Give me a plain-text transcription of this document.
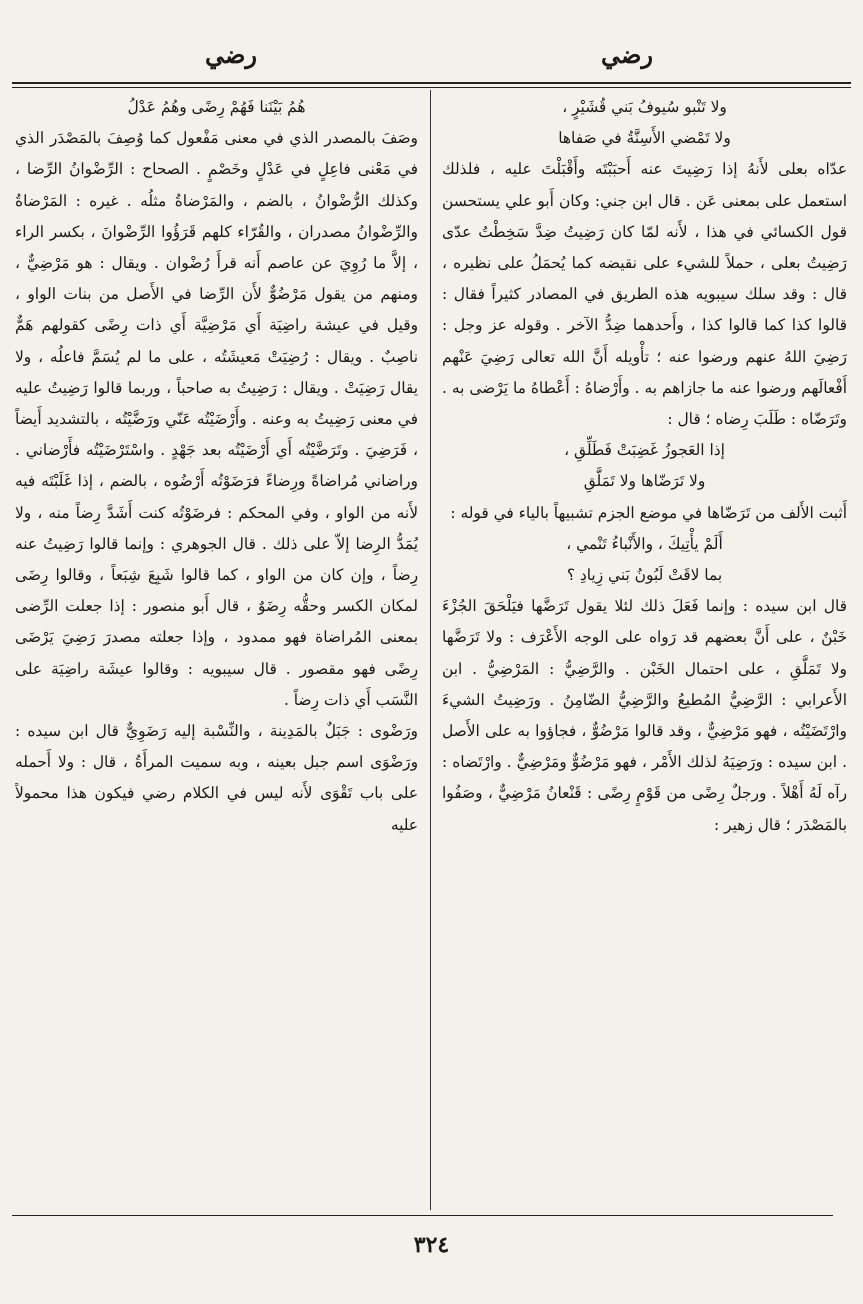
رضي
رضي

ولا تَنْبو سُيوفُ بَني قُشَيْرٍ ،

ولا تَمْضي الأَسِنَّةُ في صَفاها

عدّاه بعلى لأَنهُ إذا رَضِيتَ عنه أَحبَبْتَه وأَقْبَلْتَ عليه ، فلذلك استعمل على بمعنى عَن . قال ابن جني: وكان أَبو علي يستحسن قول الكسائي في هذا ، لأَنه لمّا كان رَضِيتُ ضِدَّ سَخِطْتُ عدّى رَضِيتُ بعلى ، حملاً للشيء على نقيضه كما يُحمَلُ على نظيره ، قال : وقد سلك سيبويه هذه الطريق في المصادر كثيراً فقال : قالوا كذا كما قالوا كذا ، وأَحدهما ضِدُّ الآخر . وقوله عز وجل : رَضِيَ اللهُ عنهم ورضوا عنه ؛ تأْويله أَنَّ الله تعالى رَضِيَ عَنْهم أَفْعالَهم ورضوا عنه ما جازاهم به . وأَرْضاهُ : أَعْطاهُ ما يَرْضى به . وتَرَضّاه : طَلَبَ رِضاه ؛ قال :

إذا العَجوزُ غَضِبَتْ فَطَلِّقِ ،

ولا تَرَضّاها ولا تَمَلَّقِ

أَثبت الأَلف من تَرَضّاها في موضع الجزم تشبيهاً بالياء في قوله :

أَلَمْ يأْتِيكَ ، والأَنْباءُ تَنْمي ،

بما لاقَتْ لَبُونُ بَني زِيادِ ؟

قال ابن سيده : وإنما فَعَلَ ذلك لئلا يقول تَرَضَّها فيَلْحَقَ الجُزْءَ خَبْنٌ ، على أَنَّ بعضهم قد رَواه على الوجه الأَعْرَف : ولا تَرَضَّها ولا تَمَلَّقِ ، على احتمال الخَبْن . والرَّضِيُّ : المَرْضِيُّ . ابن الأَعرابي : الرَّضِيُّ المُطيعُ والرَّضِيُّ الضّامِنُ . ورَضِيتُ الشيءَ وارْتَضَيْتُه ، فهو مَرْضِيٌّ ، وقد قالوا مَرْضُوٌّ ، فجاؤوا به على الأَصل . ابن سيده : ورَضِيَهُ لذلك الأَمْر ، فهو مَرْضُوٌّ ومَرْضِيٌّ . وارْتَضاه : رآه لَهُ أَهْلاً . ورجلٌ رِضًى من قَوْمٍ رِضًى : قَنْعانُ مَرْضِيٌّ ، وصَفُوا بالمَصْدَر ؛ قال زهير :

هُمُ بَيْنَنا فَهُمْ رِضًى وهُمُ عَدْلُ

وصَفَ بالمصدر الذي في معنى مَفْعول كما وُصِفَ بالمَصْدَر الذي في مَعْنى فاعِلٍ في عَدْلٍ وخَصْمٍ . الصحاح : الرِّضْوانُ الرِّضا ، وكذلك الرُّضْوانُ ، بالضم ، والمَرْضاةُ مثلُه . غيره : المَرْضاةُ والرِّضْوانُ مصدران ، والقُرّاء كلهم قَرَؤُوا الرِّضْوانَ ، بكسر الراء ، إلاَّ ما رُوِيَ عن عاصم أَنه قرأَ رُضْوان . ويقال : هو مَرْضِيٌّ ، ومنهم من يقول مَرْضُوٌّ لأَن الرِّضا في الأَصل من بنات الواو ، وقيل في عيشة راضِيَة أَي مَرْضِيَّة أَي ذات رِضًى كقولهم هَمٌّ ناصِبٌ . ويقال : رُضِيَتْ مَعيشَتُه ، على ما لم يُسَمَّ فاعلُه ، ولا يقال رَضِيَتْ . ويقال : رَضِيتُ به صاحباً ، وربما قالوا رَضِيتُ عليه في معنى رَضِيتُ به وعنه . وأَرْضَيْتُه عَنّي ورَضَّيْتُه ، بالتشديد أَيضاً ، فَرَضِيَ . وتَرَضَّيْتُه أَي أَرْضَيْتُه بعد جَهْدٍ . واسْتَرْضَيْتُه فأَرْضاني . وراضاني مُراضاةً ورِضاءً فرَضَوْتُه أَرْضُوه ، بالضم ، إذا غَلَبْتَه فيه لأَنه من الواو ، وفي المحكم : فرضَوْتُه كنت أَشَدَّ رِضاً منه ، ولا يُمَدُّ الرِضا إلاّ على ذلك . قال الجوهري : وإنما قالوا رَضِيتُ عنه رِضاً ، وإن كان من الواو ، كما قالوا شَبِعَ شِبَعاً ، وقالوا رِضَى لمكان الكسر وحقُّه رِضَوٌ ، قال أَبو منصور : إذا جعلت الرِّضى بمعنى المُراضاة فهو ممدود ، وإذا جعلته مصدرَ رَضِيَ يَرْضَى رِضًى فهو مقصور . قال سيبويه : وقالوا عيشَة راضِيَة على النَّسَب أَي ذات رِضاً .

ورَضْوى : جَبَلٌ بالمَدِينة ، والنِّسْبة إليه رَضَوِيٌّ قال ابن سيده : ورَضْوَى اسم جبل بعينه ، وبه سميت المرأَةُ ، قال : ولا أَحمله على باب تَقْوَى لأَنه ليس في الكلام رضي فيكون هذا محمولاً عليه

٣٢٤
